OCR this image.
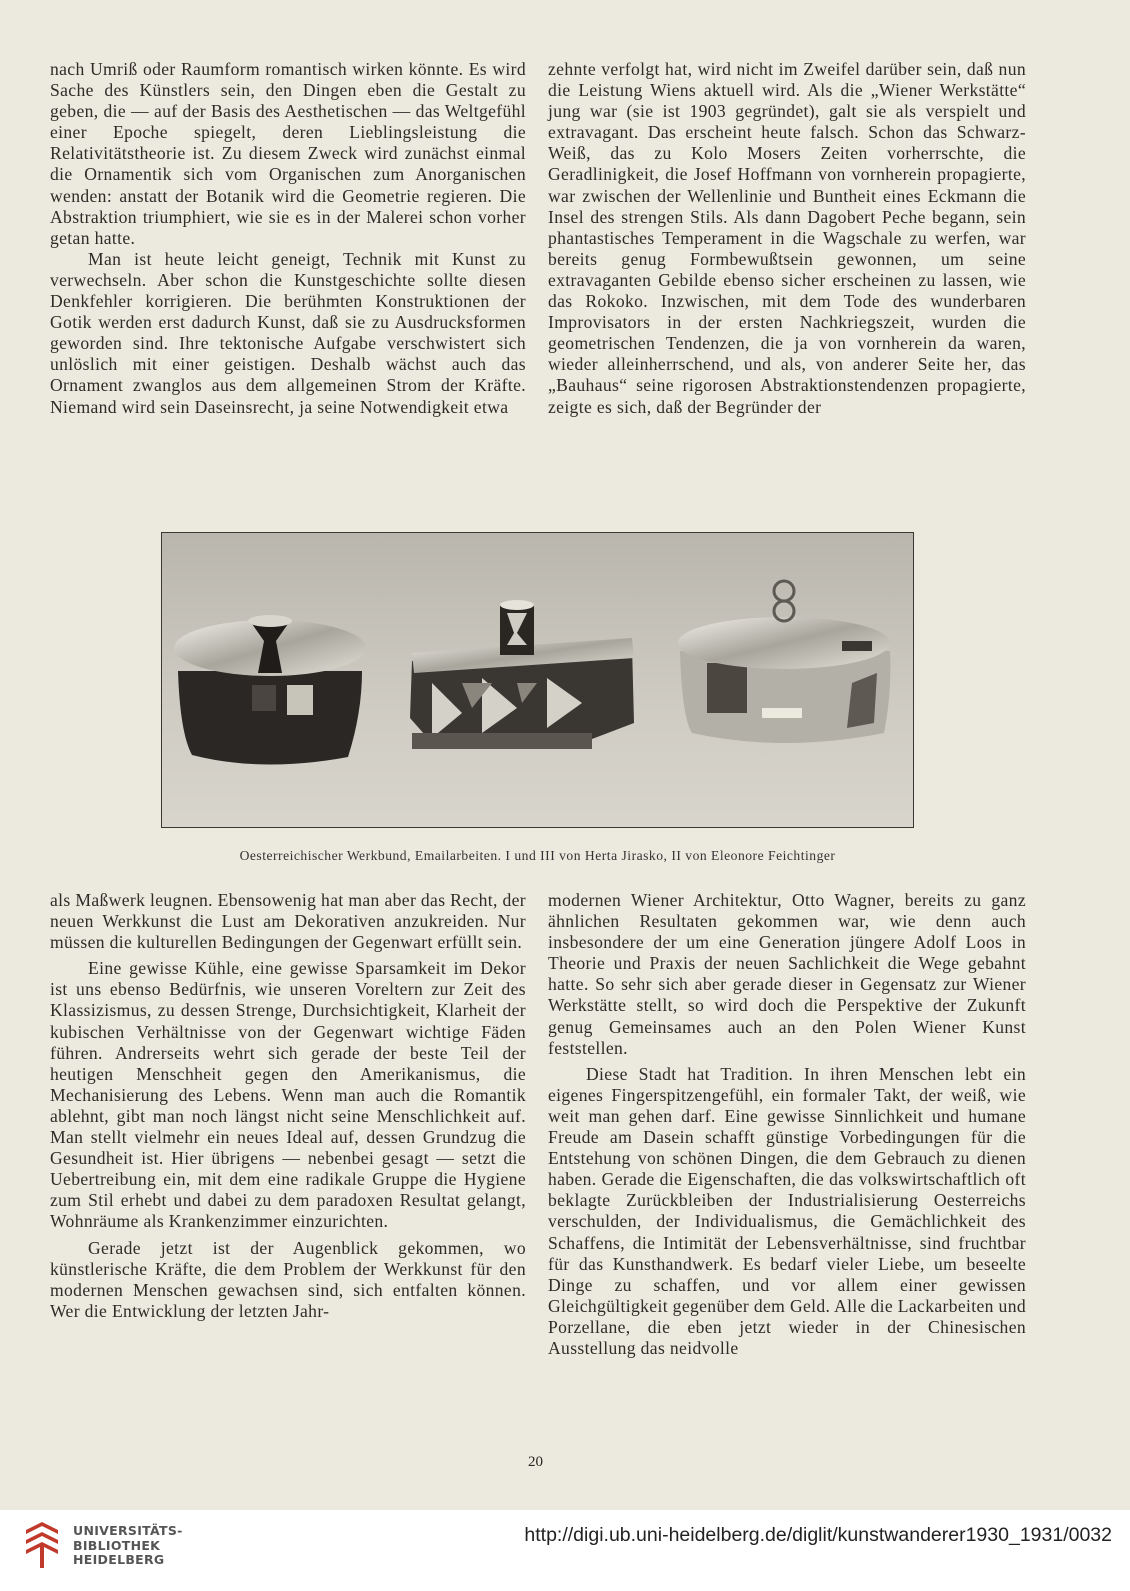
nach Umriß oder Raumform romantisch wirken könnte. Es wird Sache des Künstlers sein, den Dingen eben die Gestalt zu geben, die — auf der Basis des Aesthetischen — das Weltgefühl einer Epoche spiegelt, deren Lieblingsleistung die Relativitätstheorie ist. Zu diesem Zweck wird zunächst einmal die Ornamentik sich vom Organischen zum Anorganischen wenden: anstatt der Botanik wird die Geometrie regieren. Die Abstraktion triumphiert, wie sie es in der Malerei schon vorher getan hatte.

Man ist heute leicht geneigt, Technik mit Kunst zu verwechseln. Aber schon die Kunstgeschichte sollte diesen Denkfehler korrigieren. Die berühmten Konstruktionen der Gotik werden erst dadurch Kunst, daß sie zu Ausdrucksformen geworden sind. Ihre tektonische Aufgabe verschwistert sich unlöslich mit einer geistigen. Deshalb wächst auch das Ornament zwanglos aus dem allgemeinen Strom der Kräfte. Niemand wird sein Daseinsrecht, ja seine Notwendigkeit etwa

zehnte verfolgt hat, wird nicht im Zweifel darüber sein, daß nun die Leistung Wiens aktuell wird. Als die „Wiener Werkstätte“ jung war (sie ist 1903 gegründet), galt sie als verspielt und extravagant. Das erscheint heute falsch. Schon das Schwarz-Weiß, das zu Kolo Mosers Zeiten vorherrschte, die Geradlinigkeit, die Josef Hoffmann von vornherein propagierte, war zwischen der Wellenlinie und Buntheit eines Eckmann die Insel des strengen Stils. Als dann Dagobert Peche begann, sein phantastisches Temperament in die Wagschale zu werfen, war bereits genug Formbewußtsein gewonnen, um seine extravaganten Gebilde ebenso sicher erscheinen zu lassen, wie das Rokoko. Inzwischen, mit dem Tode des wunderbaren Improvisators in der ersten Nachkriegszeit, wurden die geometrischen Tendenzen, die ja von vornherein da waren, wieder alleinherrschend, und als, von anderer Seite her, das „Bauhaus“ seine rigorosen Abstraktionstendenzen propagierte, zeigte es sich, daß der Begründer der

Oesterreichischer Werkbund, Emailarbeiten. I und III von Herta Jirasko, II von Eleonore Feichtinger

als Maßwerk leugnen. Ebensowenig hat man aber das Recht, der neuen Werkkunst die Lust am Dekorativen anzukreiden. Nur müssen die kulturellen Bedingungen der Gegenwart erfüllt sein.

Eine gewisse Kühle, eine gewisse Sparsamkeit im Dekor ist uns ebenso Bedürfnis, wie unseren Voreltern zur Zeit des Klassizismus, zu dessen Strenge, Durchsichtigkeit, Klarheit der kubischen Verhältnisse von der Gegenwart wichtige Fäden führen. Andrerseits wehrt sich gerade der beste Teil der heutigen Menschheit gegen den Amerikanismus, die Mechanisierung des Lebens. Wenn man auch die Romantik ablehnt, gibt man noch längst nicht seine Menschlichkeit auf. Man stellt vielmehr ein neues Ideal auf, dessen Grundzug die Gesundheit ist. Hier übrigens — nebenbei gesagt — setzt die Uebertreibung ein, mit dem eine radikale Gruppe die Hygiene zum Stil erhebt und dabei zu dem paradoxen Resultat gelangt, Wohnräume als Krankenzimmer einzurichten.

Gerade jetzt ist der Augenblick gekommen, wo künstlerische Kräfte, die dem Problem der Werkkunst für den modernen Menschen gewachsen sind, sich entfalten können. Wer die Entwicklung der letzten Jahr-

modernen Wiener Architektur, Otto Wagner, bereits zu ganz ähnlichen Resultaten gekommen war, wie denn auch insbesondere der um eine Generation jüngere Adolf Loos in Theorie und Praxis der neuen Sachlichkeit die Wege gebahnt hatte. So sehr sich aber gerade dieser in Gegensatz zur Wiener Werkstätte stellt, so wird doch die Perspektive der Zukunft genug Gemeinsames auch an den Polen Wiener Kunst feststellen.

Diese Stadt hat Tradition. In ihren Menschen lebt ein eigenes Fingerspitzengefühl, ein formaler Takt, der weiß, wie weit man gehen darf. Eine gewisse Sinnlichkeit und humane Freude am Dasein schafft günstige Vorbedingungen für die Entstehung von schönen Dingen, die dem Gebrauch zu dienen haben. Gerade die Eigenschaften, die das volkswirtschaftlich oft beklagte Zurückbleiben der Industrialisierung Oesterreichs verschulden, der Individualismus, die Gemächlichkeit des Schaffens, die Intimität der Lebensverhältnisse, sind fruchtbar für das Kunsthandwerk. Es bedarf vieler Liebe, um beseelte Dinge zu schaffen, und vor allem einer gewissen Gleichgültigkeit gegenüber dem Geld. Alle die Lackarbeiten und Porzellane, die eben jetzt wieder in der Chinesischen Ausstellung das neidvolle

20
UNIVERSITÄTS-
BIBLIOTHEK
HEIDELBERG
http://digi.ub.uni-heidelberg.de/diglit/kunstwanderer1930_1931/0032
